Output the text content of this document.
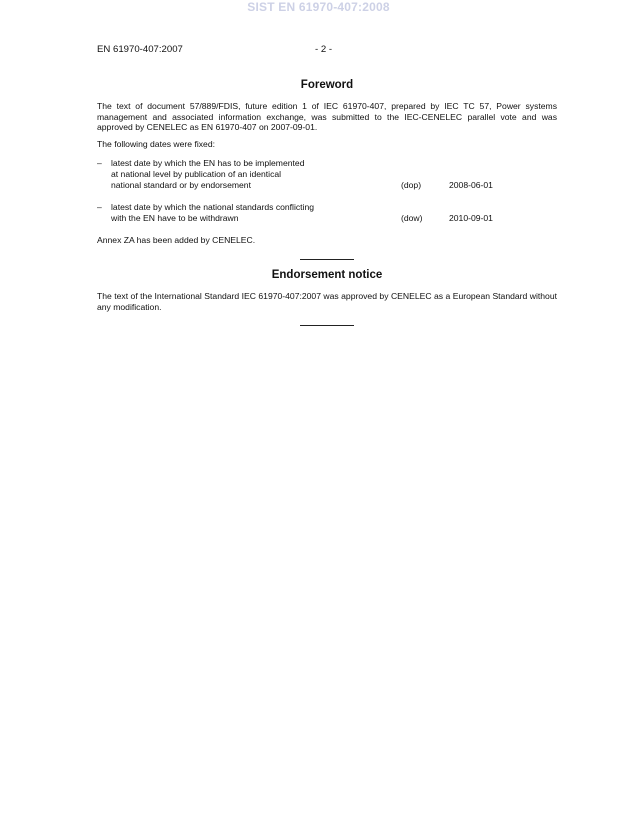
SIST EN 61970-407:2008
EN 61970-407:2007	- 2 -
Foreword

The text of document 57/889/FDIS, future edition 1 of IEC 61970-407, prepared by IEC TC 57, Power systems management and associated information exchange, was submitted to the IEC-CENELEC parallel vote and was approved by CENELEC as EN 61970-407 on 2007-09-01.

The following dates were fixed:

– latest date by which the EN has to be implemented
at national level by publication of an identical
national standard or by endorsement	(dop)	2008-06-01
– latest date by which the national standards conflicting
with the EN have to be withdrawn	(dow)	2010-09-01

Annex ZA has been added by CENELEC.

Endorsement notice

The text of the International Standard IEC 61970-407:2007 was approved by CENELEC as a European Standard without any modification.
